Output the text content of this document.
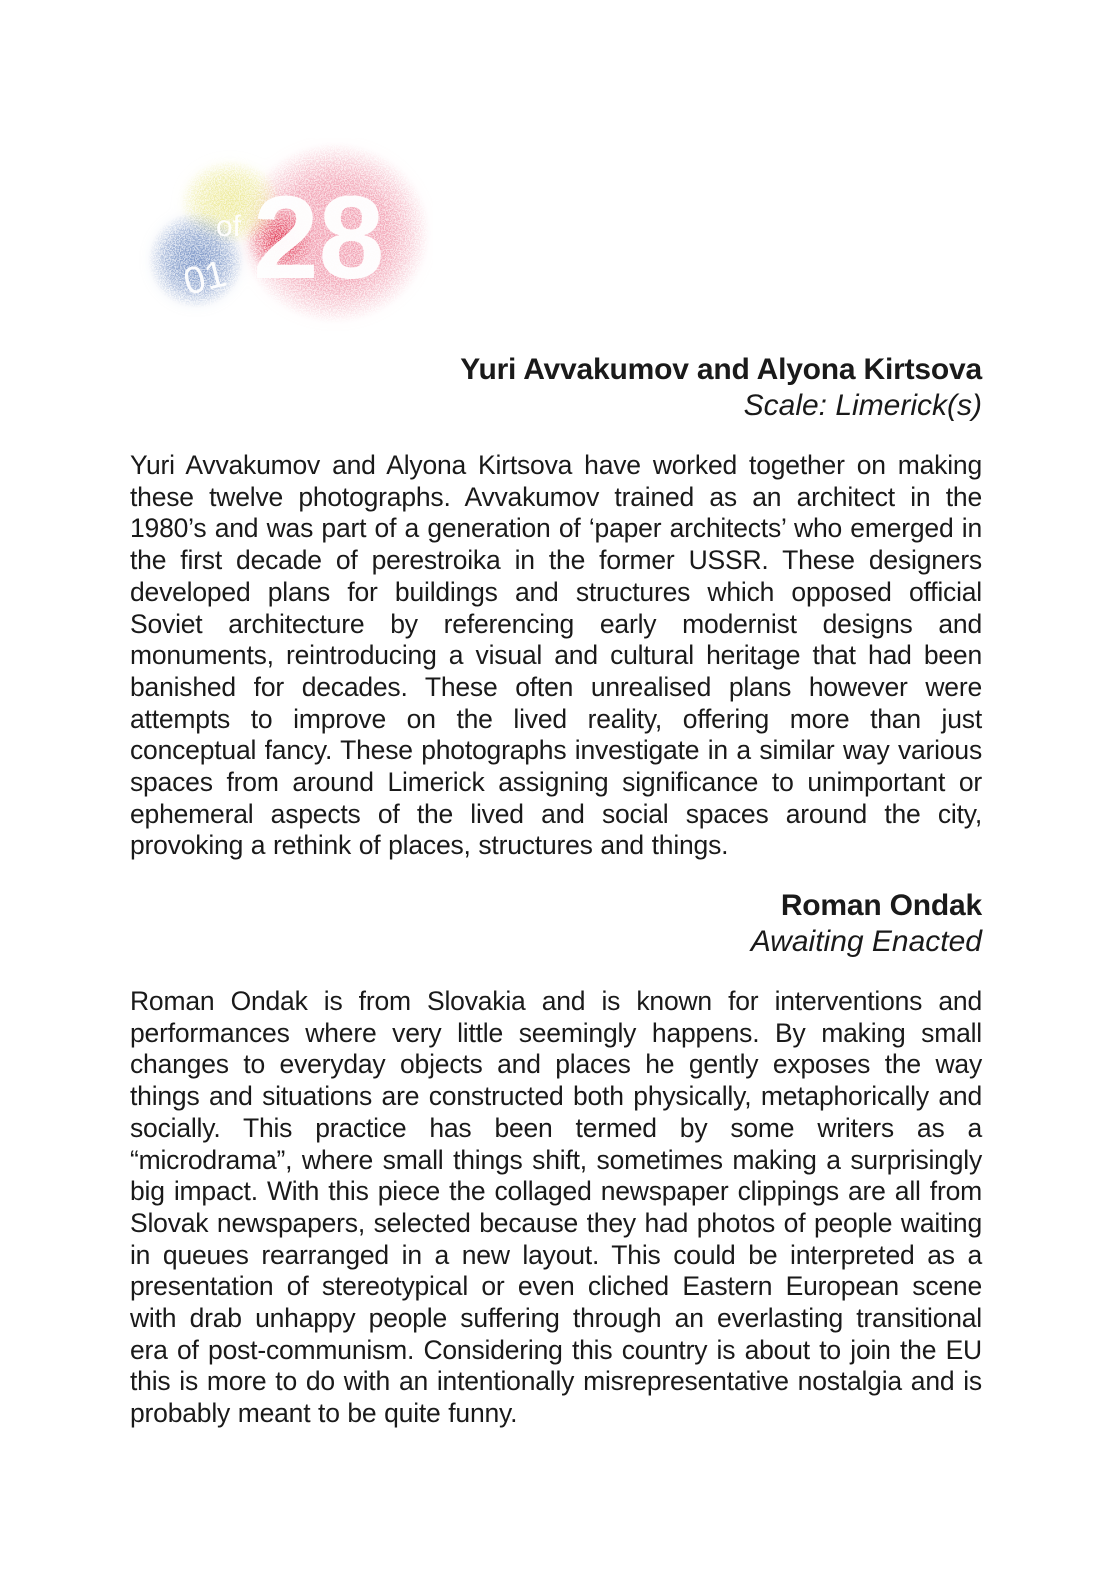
01
of 28
Yuri Avvakumov and Alyona Kirtsova

Scale: Limerick(s)

Yuri Avvakumov and Alyona Kirtsova have worked together on making these twelve photographs. Avvakumov trained as an architect in the 1980’s and was part of a generation of ‘paper architects’ who emerged in the first decade of perestroika in the former USSR. These designers developed plans for buildings and structures which opposed official Soviet architecture by referencing early modernist designs and monuments, reintroducing a visual and cultural heritage that had been banished for decades. These often unrealised plans however were attempts to improve on the lived reality, offering more than just conceptual fancy. These photographs investigate in a similar way various spaces from around Limerick assigning significance to unimportant or ephemeral aspects of the lived and social spaces around the city, provoking a rethink of places, structures and things.

Roman Ondak

Awaiting Enacted

Roman Ondak is from Slovakia and is known for interventions and performances where very little seemingly happens. By making small changes to everyday objects and places he gently exposes the way things and situations are constructed both physically, metaphorically and socially. This practice has been termed by some writers as a “microdrama”, where small things shift, sometimes making a surprisingly big impact. With this piece the collaged newspaper clippings are all from Slovak newspapers, selected because they had photos of people waiting in queues rearranged in a new layout. This could be interpreted as a presentation of stereotypical or even cliched Eastern European scene with drab unhappy people suffering through an everlasting transitional era of post-communism. Considering this country is about to join the EU this is more to do with an intentionally misrepresentative nostalgia and is probably meant to be quite funny.
